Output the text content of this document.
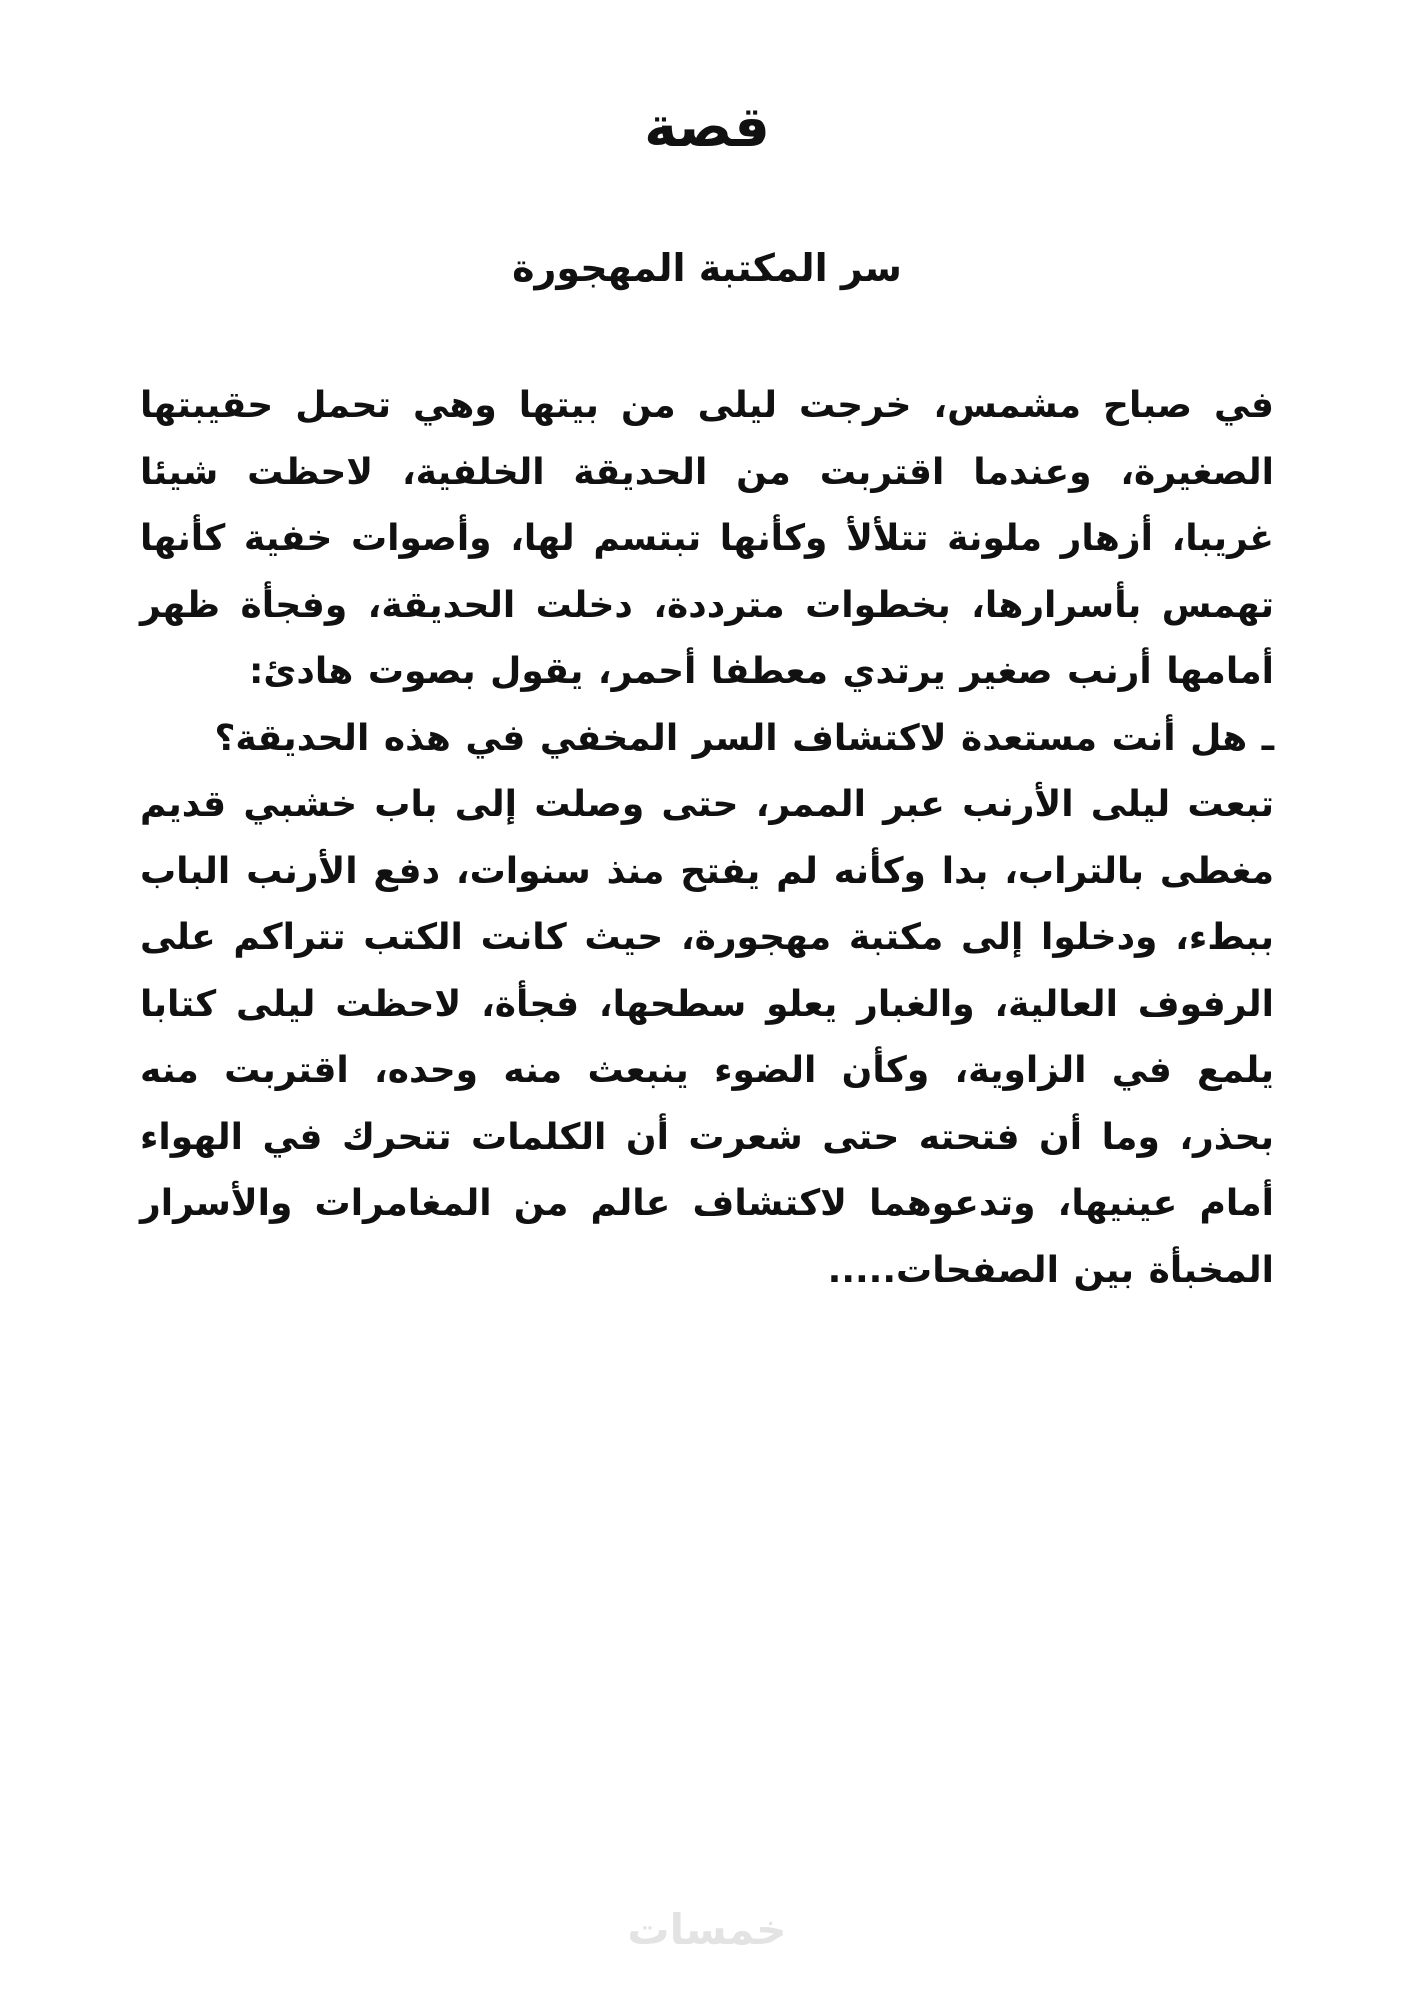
قصة
سر المكتبة المهجورة

في صباح مشمس، خرجت ليلى من بيتها وهي تحمل حقيبتها الصغيرة، وعندما اقتربت من الحديقة الخلفية، لاحظت شيئا غريبا، أزهار ملونة تتلألأ وكأنها تبتسم لها، وأصوات خفية كأنها تهمس بأسرارها، بخطوات مترددة، دخلت الحديقة، وفجأة ظهر أمامها أرنب صغير يرتدي معطفا أحمر، يقول بصوت هادئ:

ـ هل أنت مستعدة لاكتشاف السر المخفي في هذه الحديقة؟

تبعت ليلى الأرنب عبر الممر، حتى وصلت إلى باب خشبي قديم مغطى بالتراب، بدا وكأنه لم يفتح منذ سنوات، دفع الأرنب الباب ببطء، ودخلوا إلى مكتبة مهجورة، حيث كانت الكتب تتراكم على الرفوف العالية، والغبار يعلو سطحها، فجأة، لاحظت ليلى كتابا يلمع في الزاوية، وكأن الضوء ينبعث منه وحده، اقتربت منه بحذر، وما أن فتحته حتى شعرت أن الكلمات تتحرك في الهواء أمام عينيها، وتدعوهما لاكتشاف عالم من المغامرات والأسرار المخبأة بين الصفحات.....

خمسات
